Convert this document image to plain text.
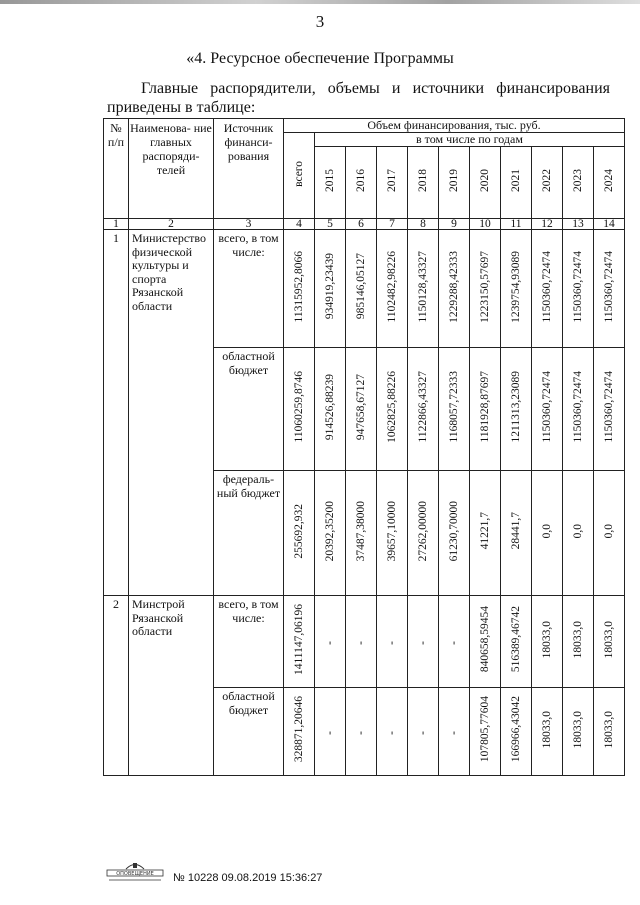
3
«4. Ресурсное обеспечение Программы
Главные распорядители, объемы и источники финансирования
приведены в таблице:
№ п/п	Наименова- ние главных распоряди- телей	Источник финанси- рования	Объем финансирования, тыс. руб.										
			всего	в том числе по годам									
				2015	2016	2017	2018	2019	2020	2021	2022	2023	2024
1	2	3	4	5	6	7	8	9	10	11	12	13	14
1	Министерство физической культуры и спорта Рязанской области	всего, в том числе:	11315952,8066	934919,23439	985146,05127	1102482,98226	1150128,43327	1229288,42333	1223150,57697	1239754,93089	1150360,72474	1150360,72474	1150360,72474
		областной бюджет	11060259,8746	914526,88239	947658,67127	1062825,88226	1122866,43327	1168057,72333	1181928,87697	1211313,23089	1150360,72474	1150360,72474	1150360,72474
		федераль- ный бюджет	255692,932	20392,35200	37487,38000	39657,10000	27262,00000	61230,70000	41221,7	28441,7	0,0	0,0	0,0
2	Минстрой Рязанской области	всего, в том числе:	1411147,06196	-	-	-	-	-	840658,59454	516389,46742	18033,0	18033,0	18033,0
		областной бюджет	328871,20646	-	-	-	-	-	107805,77604	166966,43042	18033,0	18033,0	18033,0
ОПОВЕЩЕНИЕ № 10228 09.08.2019 15:36:27
